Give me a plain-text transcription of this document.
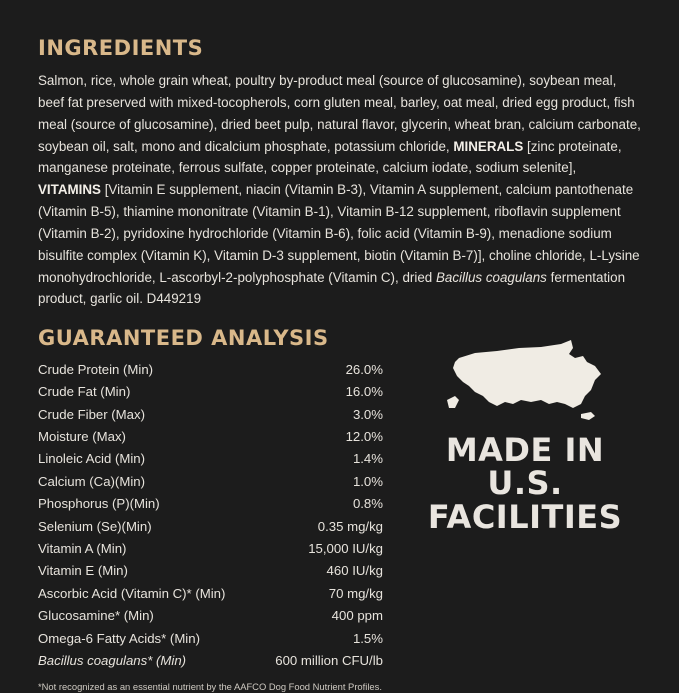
INGREDIENTS

Salmon, rice, whole grain wheat, poultry by-product meal (source of glucosamine), soybean meal, beef fat preserved with mixed-tocopherols, corn gluten meal, barley, oat meal, dried egg product, fish meal (source of glucosamine), dried beet pulp, natural flavor, glycerin, wheat bran, calcium carbonate, soybean oil, salt, mono and dicalcium phosphate, potassium chloride, MINERALS [zinc proteinate, manganese proteinate, ferrous sulfate, copper proteinate, calcium iodate, sodium selenite], VITAMINS [Vitamin E supplement, niacin (Vitamin B-3), Vitamin A supplement, calcium pantothenate (Vitamin B-5), thiamine mononitrate (Vitamin B-1), Vitamin B-12 supplement, riboflavin supplement (Vitamin B-2), pyridoxine hydrochloride (Vitamin B-6), folic acid (Vitamin B-9), menadione sodium bisulfite complex (Vitamin K), Vitamin D-3 supplement, biotin (Vitamin B-7)], choline chloride, L-Lysine monohydrochloride, L-ascorbyl-2-polyphosphate (Vitamin C), dried Bacillus coagulans fermentation product, garlic oil. D449219

GUARANTEED ANALYSIS
Crude Protein (Min)	26.0%
Crude Fat (Min)	16.0%
Crude Fiber (Max)	3.0%
Moisture (Max)	12.0%
Linoleic Acid (Min)	1.4%
Calcium (Ca)(Min)	1.0%
Phosphorus (P)(Min)	0.8%
Selenium (Se)(Min)	0.35 mg/kg
Vitamin A (Min)	15,000 IU/kg
Vitamin E (Min)	460 IU/kg
Ascorbic Acid (Vitamin C)* (Min)	70 mg/kg
Glucosamine* (Min)	400 ppm
Omega-6 Fatty Acids* (Min)	1.5%
Bacillus coagulans* (Min)	600 million CFU/lb
*Not recognized as an essential nutrient by the AAFCO Dog Food Nutrient Profiles.
MADE IN
U.S.
FACILITIES
